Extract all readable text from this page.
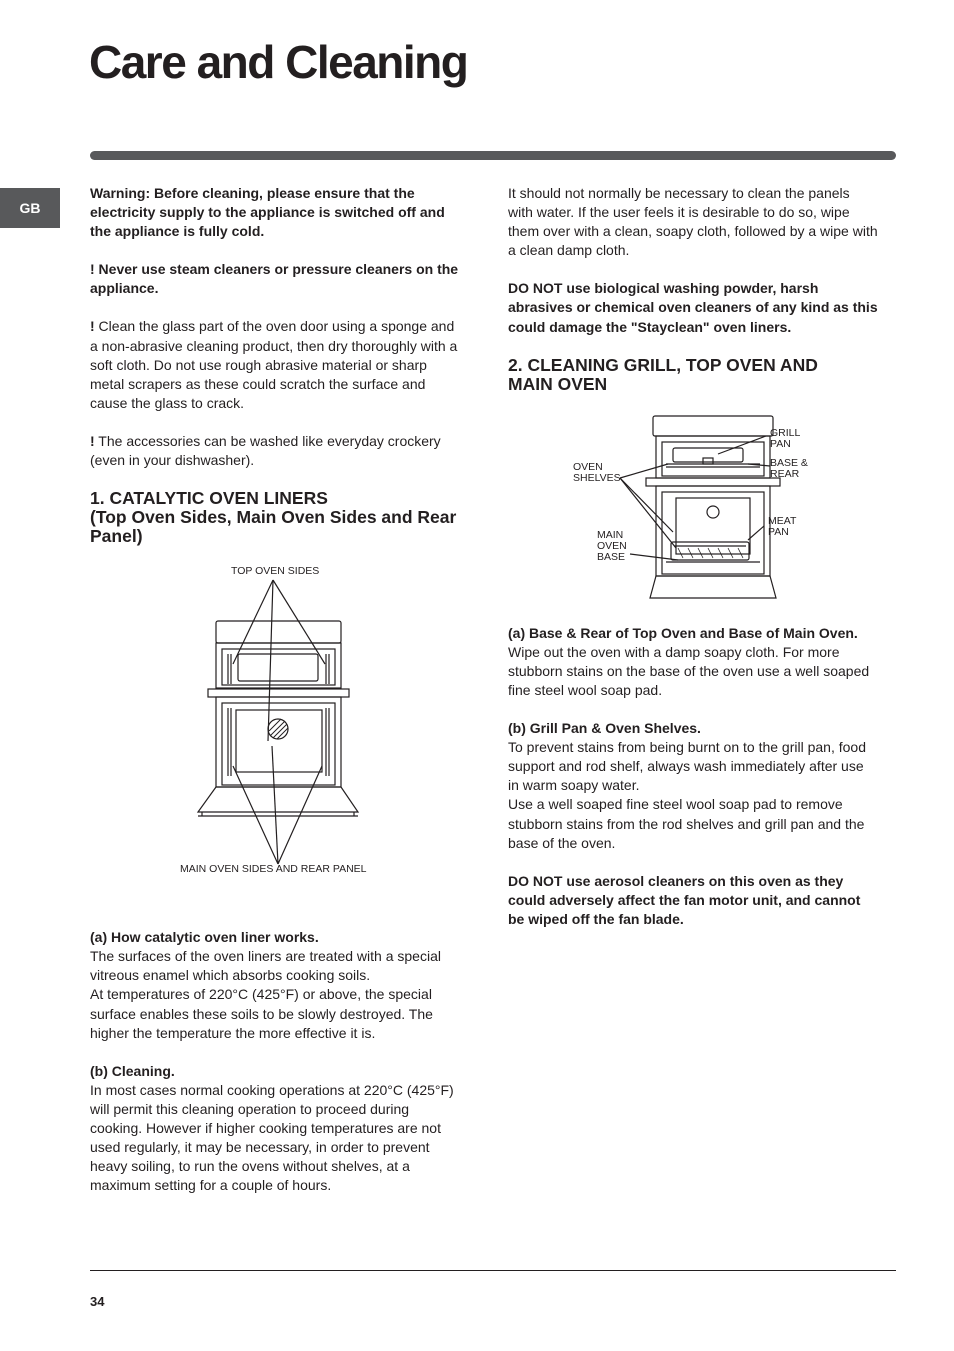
Care and Cleaning
GB

Warning: Before cleaning, please ensure that the electricity supply to the appliance is switched off and the appliance is fully cold.

! Never use steam cleaners or pressure cleaners on the appliance.

! Clean the glass part of the oven door using a sponge and a non-abrasive cleaning product, then dry thoroughly with a soft cloth. Do not use rough abrasive material or sharp metal scrapers as these could scratch the surface and cause the glass to crack.

! The accessories can be washed like everyday crockery (even in your dishwasher).

1. CATALYTIC OVEN LINERS
(Top Oven Sides, Main Oven Sides and Rear Panel)
TOP OVEN SIDES
MAIN OVEN SIDES AND REAR PANEL

(a) How catalytic oven liner works.
The surfaces of the oven liners are treated with a special vitreous enamel which absorbs cooking soils.
At temperatures of 220°C (425°F) or above, the special surface enables these soils to be slowly destroyed. The higher the temperature the more effective it is.

(b) Cleaning.
In most cases normal cooking operations at 220°C (425°F) will permit this cleaning operation to proceed during cooking. However if higher cooking temperatures are not used regularly, it may be necessary, in order to prevent heavy soiling, to run the ovens without shelves, at a maximum setting for a couple of hours.

It should not normally be necessary to clean the panels with water. If the user feels it is desirable to do so, wipe them over with a clean, soapy cloth, followed by a wipe with a clean damp cloth.

DO NOT use biological washing powder, harsh abrasives or chemical oven cleaners of any kind as this could damage the "Stayclean" oven liners.

2. CLEANING GRILL, TOP OVEN AND
MAIN OVEN
GRILL
PAN
BASE &
REAR
OVEN
SHELVES
MEAT
PAN
MAIN
OVEN
BASE

(a) Base & Rear of Top Oven and Base of Main Oven.
Wipe out the oven with a damp soapy cloth. For more stubborn stains on the base of the oven use a well soaped fine steel wool soap pad.

(b) Grill Pan & Oven Shelves.
To prevent stains from being burnt on to the grill pan, food support and rod shelf, always wash immediately after use in warm soapy water.
Use a well soaped fine steel wool soap pad to remove stubborn stains from the rod shelves and grill pan and the base of the oven.

DO NOT use aerosol cleaners on this oven as they could adversely affect the fan motor unit, and cannot be wiped off the fan blade.

34
